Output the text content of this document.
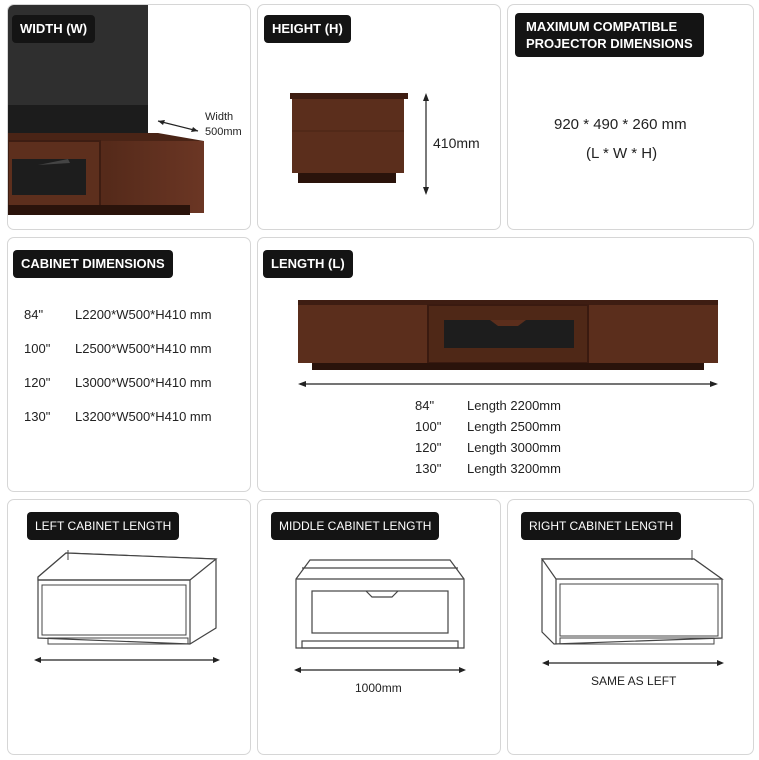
WIDTH (W)
Width
500mm
HEIGHT (H)
410mm
MAXIMUM COMPATIBLE
PROJECTOR DIMENSIONS
920 * 490 * 260 mm
(L * W * H)
CABINET DIMENSIONS
84" L2200*W500*H410 mm
100" L2500*W500*H410 mm
120" L3000*W500*H410 mm
130" L3200*W500*H410 mm
LENGTH (L)
84"	Length 2200mm
100" Length 2500mm
120" Length 3000mm
130" Length 3200mm
LEFT CABINET LENGTH	MIDDLE CABINET LENGTH
1000mm
RIGHT CABINET LENGTH
SAME AS LEFT
